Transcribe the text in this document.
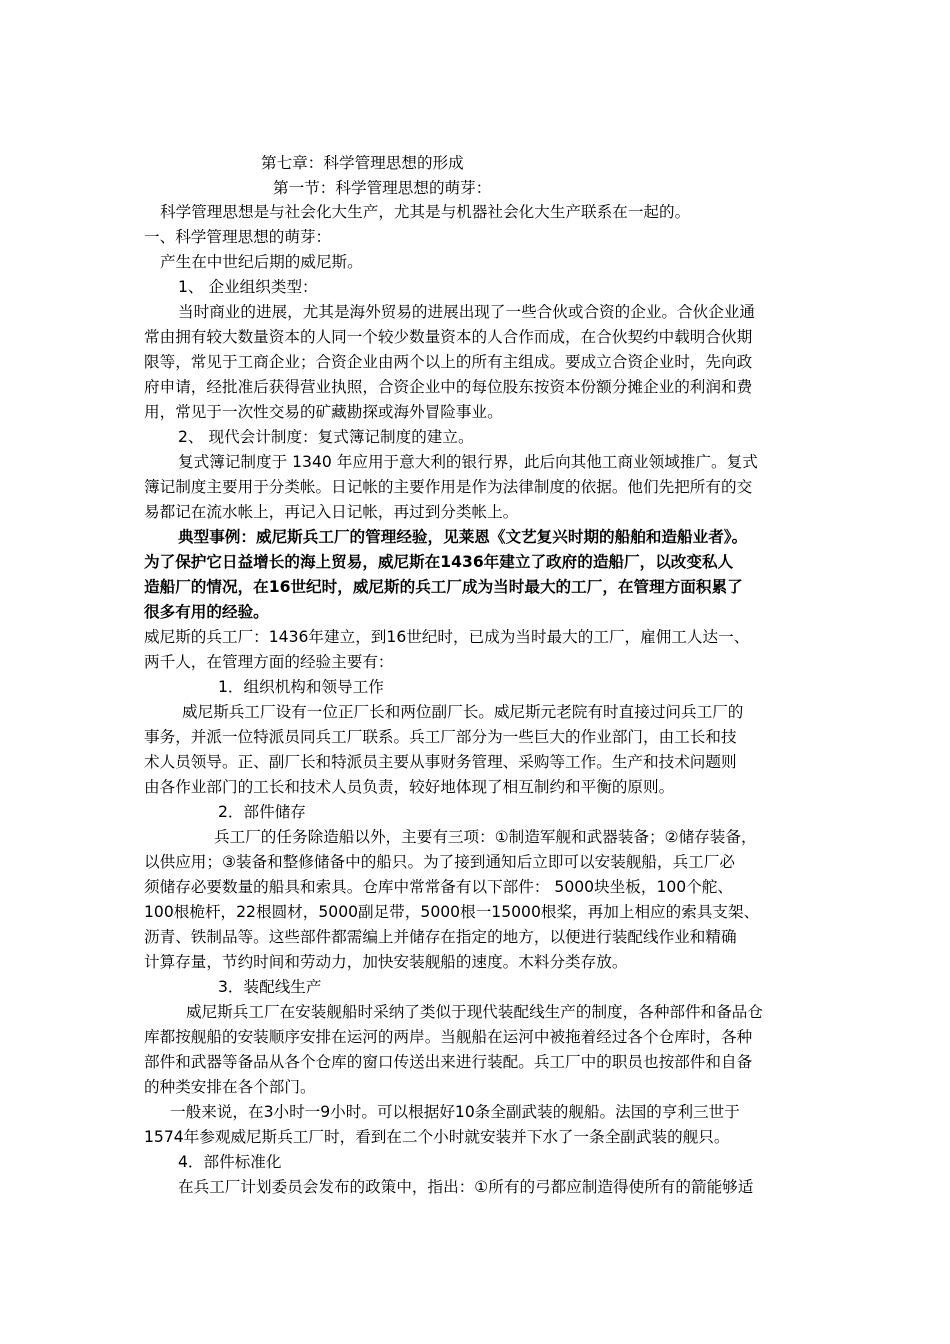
第七章：科学管理思想的形成

第一节：科学管理思想的萌芽：

科学管理思想是与社会化大生产，尤其是与机器社会化大生产联系在一起的。

一、科学管理思想的萌芽：

产生在中世纪后期的威尼斯。

1、 企业组织类型：

当时商业的进展，尤其是海外贸易的进展出现了一些合伙或合资的企业。合伙企业通

常由拥有较大数量资本的人同一个较少数量资本的人合作而成，在合伙契约中载明合伙期

限等，常见于工商企业；合资企业由两个以上的所有主组成。要成立合资企业时，先向政

府申请，经批准后获得营业执照，合资企业中的每位股东按资本份额分摊企业的利润和费

用，常见于一次性交易的矿藏勘探或海外冒险事业。

2、 现代会计制度：复式簿记制度的建立。

复式簿记制度于 1340 年应用于意大利的银行界，此后向其他工商业领域推广。复式

簿记制度主要用于分类帐。日记帐的主要作用是作为法律制度的依据。他们先把所有的交

易都记在流水帐上，再记入日记帐，再过到分类帐上。

典型事例：威尼斯兵工厂的管理经验，见莱恩《文艺复兴时期的船舶和造船业者》。

为了保护它日益增长的海上贸易，威尼斯在1436年建立了政府的造船厂，以改变私人

造船厂的情况，在16世纪时，威尼斯的兵工厂成为当时最大的工厂，在管理方面积累了

很多有用的经验。

威尼斯的兵工厂：1436年建立，到16世纪时，已成为当时最大的工厂，雇佣工人达一、

两千人，在管理方面的经验主要有：

1．组织机构和领导工作

威尼斯兵工厂设有一位正厂长和两位副厂长。威尼斯元老院有时直接过问兵工厂的

事务，并派一位特派员同兵工厂联系。兵工厂部分为一些巨大的作业部门，由工长和技

术人员领导。正、副厂长和特派员主要从事财务管理、采购等工作。生产和技术问题则

由各作业部门的工长和技术人员负责，较好地体现了相互制约和平衡的原则。

2．部件储存

兵工厂的任务除造船以外，主要有三项：①制造军舰和武器装备；②储存装备，

以供应用；③装备和整修储备中的船只。为了接到通知后立即可以安装舰船，兵工厂必

须储存必要数量的船具和索具。仓库中常常备有以下部件： 5000块坐板，100个舵、

100根桅杆，22根圆材，5000副足带，5000根一15000根桨，再加上相应的索具支架、

沥青、铁制品等。这些部件都需编上并储存在指定的地方，以便进行装配线作业和精确

计算存量，节约时间和劳动力，加快安装舰船的速度。木料分类存放。

3．装配线生产

威尼斯兵工厂在安装舰船时采纳了类似于现代装配线生产的制度，各种部件和备品仓

库都按舰船的安装顺序安排在运河的两岸。当舰船在运河中被拖着经过各个仓库时，各种

部件和武器等备品从各个仓库的窗口传送出来进行装配。兵工厂中的职员也按部件和自备

的种类安排在各个部门。

一般来说，在3小时一9小时。可以根据好10条全副武装的舰船。法国的亨利三世于

1574年参观威尼斯兵工厂时，看到在二个小时就安装并下水了一条全副武装的舰只。

4．部件标准化

在兵工厂计划委员会发布的政策中，指出：①所有的弓都应制造得使所有的箭能够适
